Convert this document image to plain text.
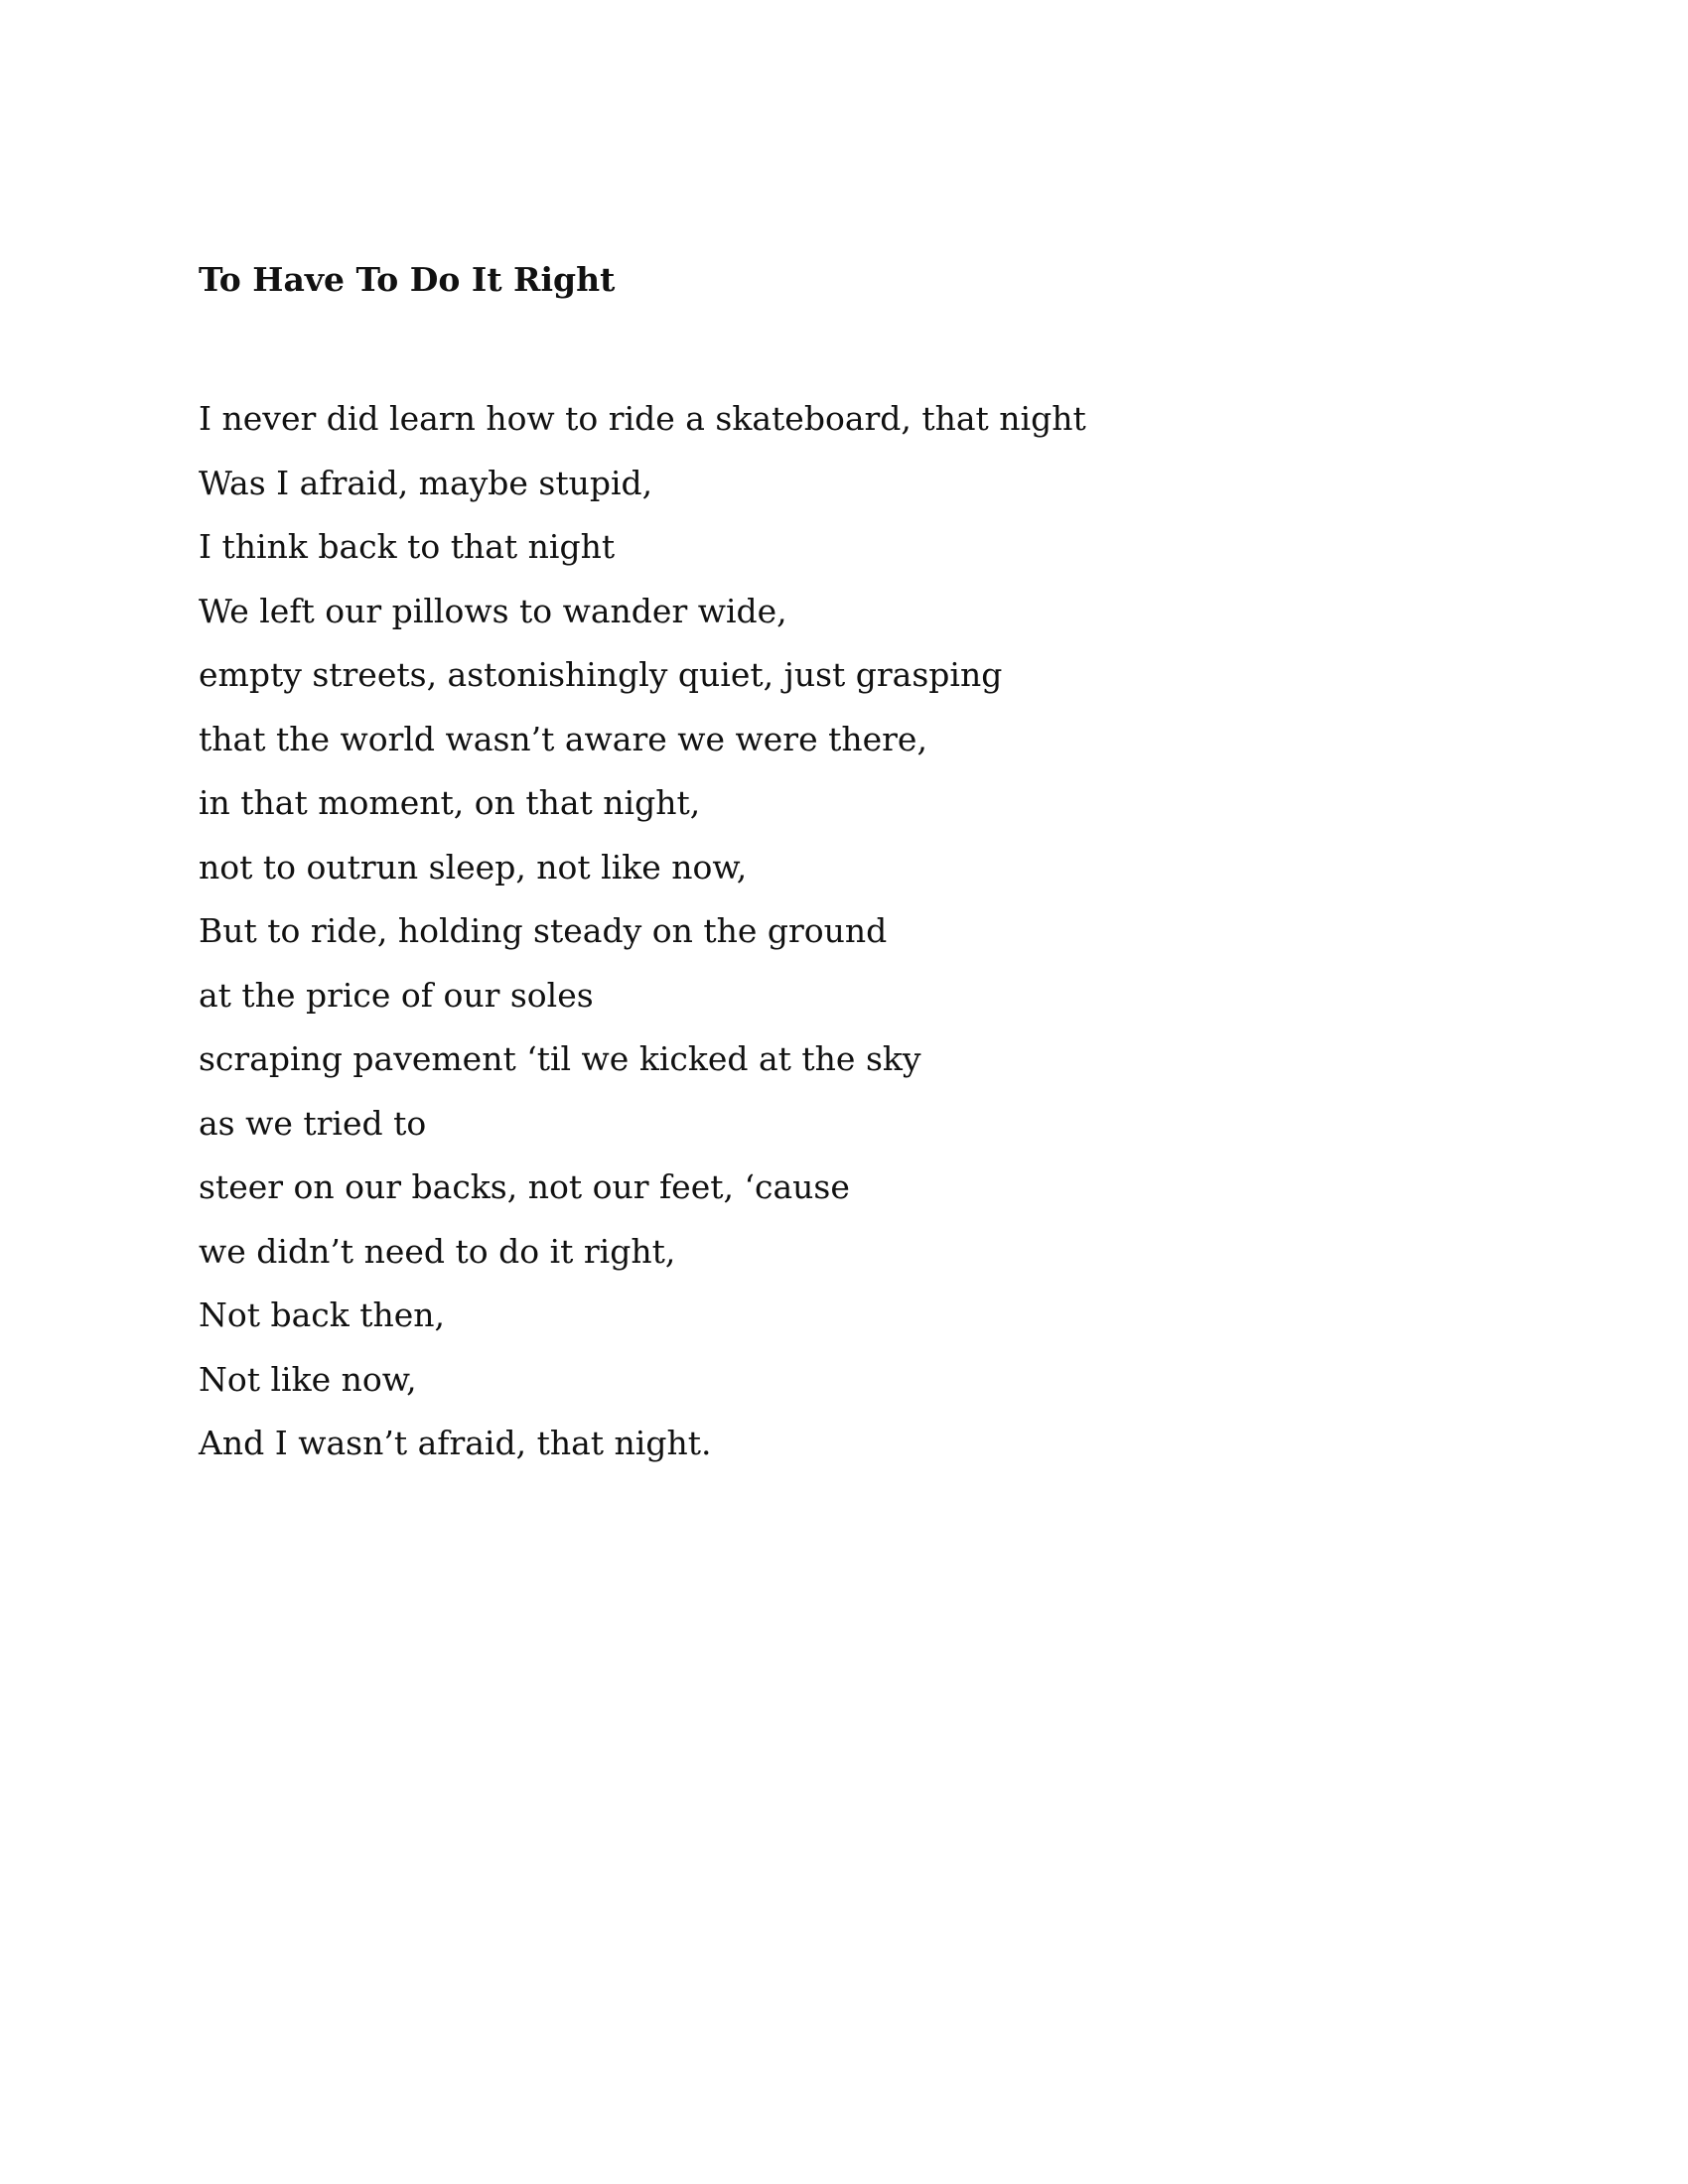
To Have To Do It Right
I never did learn how to ride a skateboard, that night
Was I afraid, maybe stupid,
I think back to that night
We left our pillows to wander wide,
empty streets, astonishingly quiet, just grasping
that the world wasn’t aware we were there,
in that moment, on that night,
not to outrun sleep, not like now,
But to ride, holding steady on the ground
at the price of our soles
scraping pavement ‘til we kicked at the sky
as we tried to
steer on our backs, not our feet, ‘cause
we didn’t need to do it right,
Not back then,
Not like now,
And I wasn’t afraid, that night.
